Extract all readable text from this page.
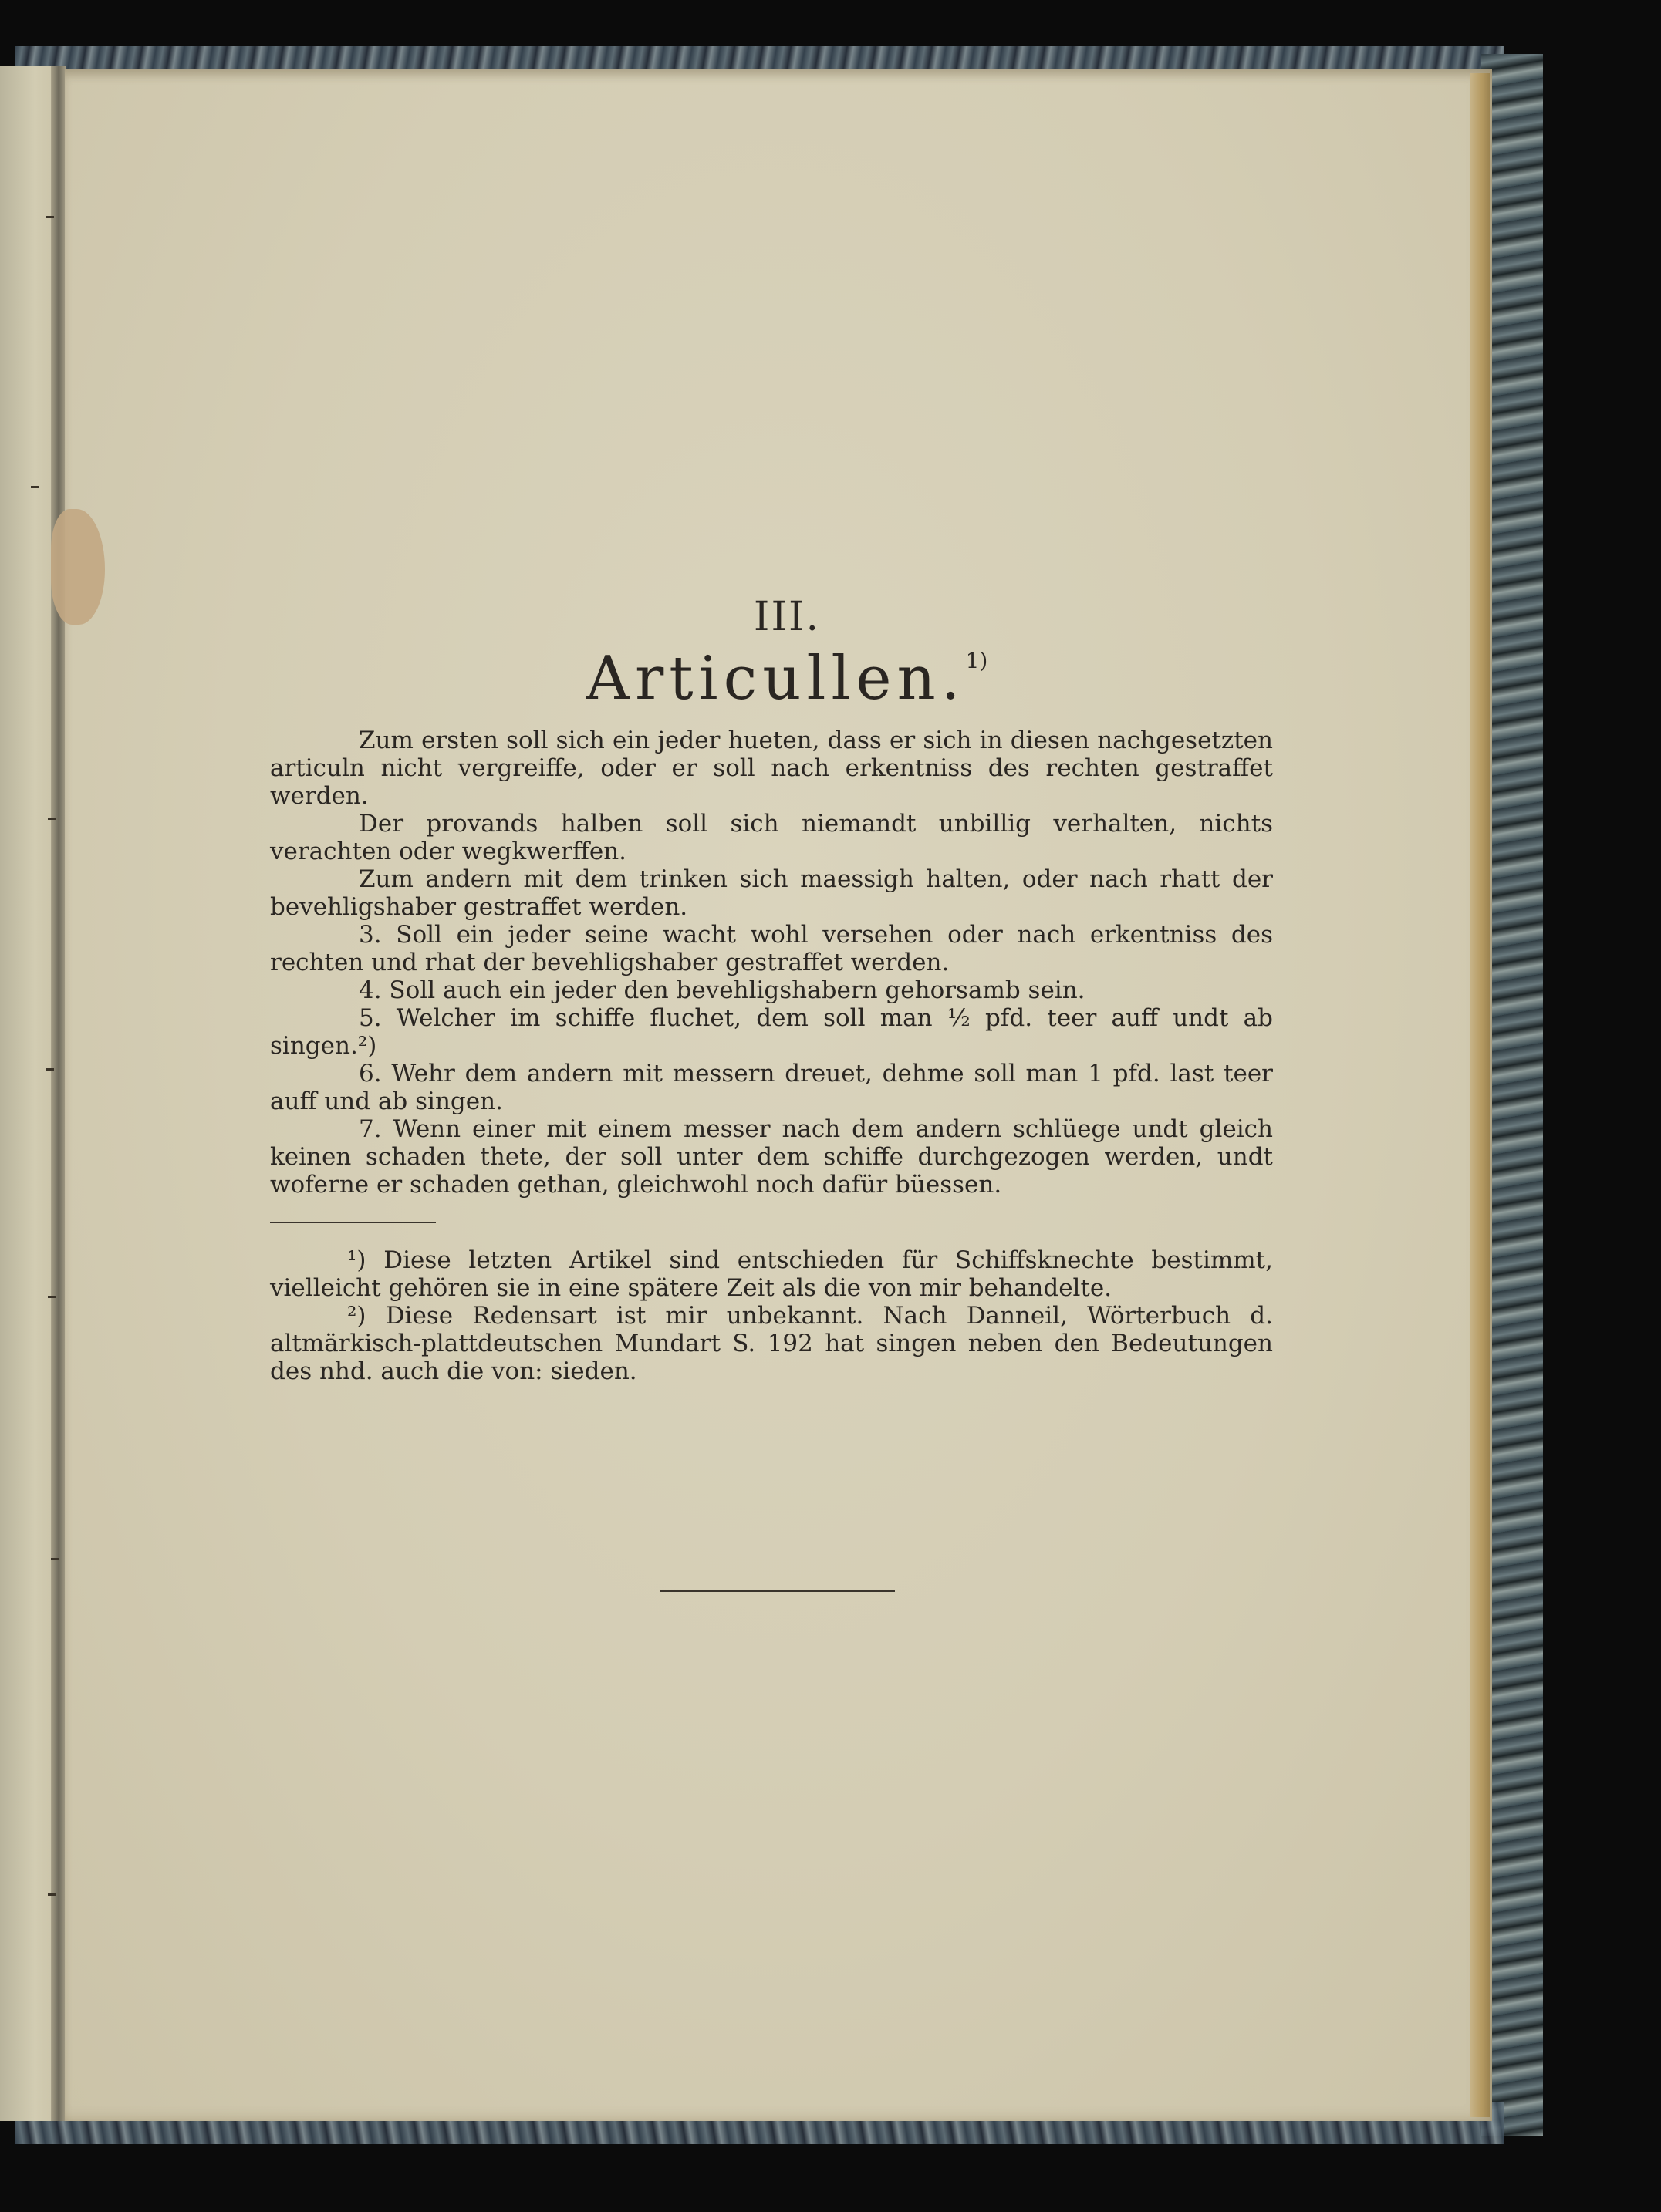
III.
Articullen.$^{1)}$

Zum ersten soll sich ein jeder hueten, dass er sich in diesen nachgesetzten articuln nicht vergreiffe, oder er soll nach erkentniss des rechten gestraffet werden.

Der provands halben soll sich niemandt unbillig verhalten, nichts verachten oder wegkwerffen.

Zum andern mit dem trinken sich maessigh halten, oder nach rhatt der bevehligshaber gestraffet werden.

3. Soll ein jeder seine wacht wohl versehen oder nach erkentniss des rechten und rhat der bevehligshaber gestraffet werden.

4. Soll auch ein jeder den bevehligshabern gehorsamb sein.

5. Welcher im schiffe fluchet, dem soll man ½ pfd. teer auff undt ab singen.²)

6. Wehr dem andern mit messern dreuet, dehme soll man 1 pfd. last teer auff und ab singen.

7. Wenn einer mit einem messer nach dem andern schlüege undt gleich keinen schaden thete, der soll unter dem schiffe durchgezogen werden, undt woferne er schaden gethan, gleichwohl noch dafür büessen.

¹) Diese letzten Artikel sind entschieden für Schiffsknechte bestimmt, vielleicht gehören sie in eine spätere Zeit als die von mir behandelte.

²) Diese Redensart ist mir unbekannt. Nach Danneil, Wörterbuch d. altmärkisch-plattdeutschen Mundart S. 192 hat singen neben den Bedeutungen des nhd. auch die von: sieden.
